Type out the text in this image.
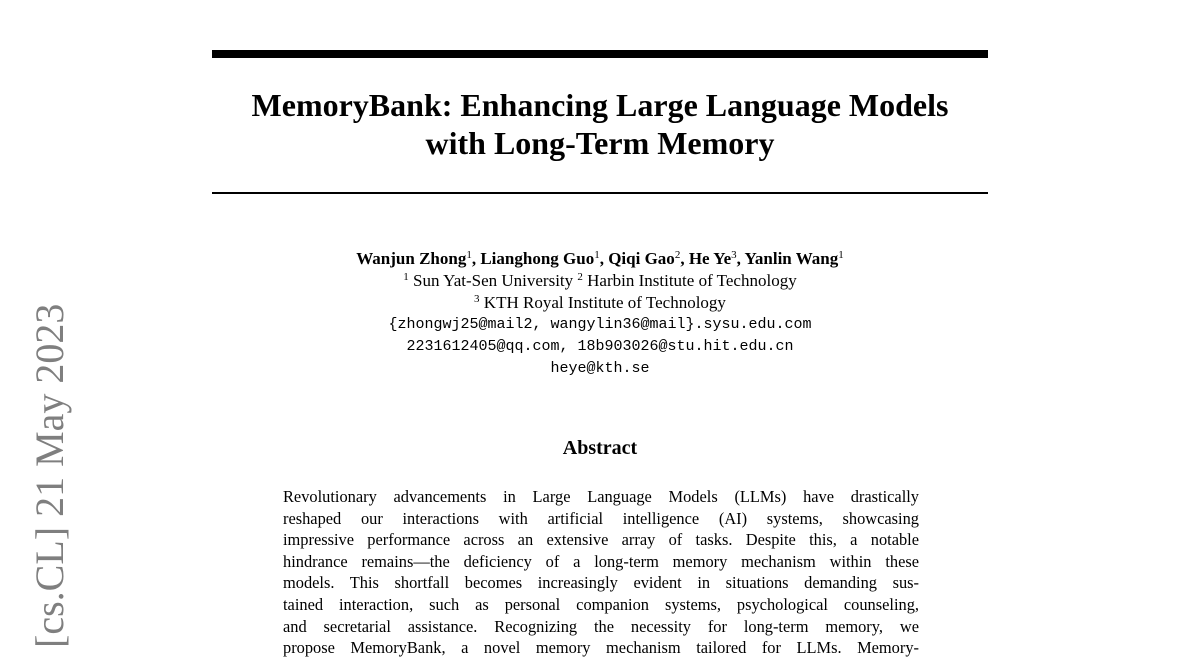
MemoryBank: Enhancing Large Language Models
with Long-Term Memory
Wanjun Zhong$^1$, Lianghong Guo$^1$, Qiqi Gao$^2$, He Ye$^3$, Yanlin Wang$^1$
$^1$ Sun Yat-Sen University $^2$ Harbin Institute of Technology
$^3$ KTH Royal Institute of Technology
{zhongwj25@mail2, wangylin36@mail}.sysu.edu.com
2231612405@qq.com, 18b903026@stu.hit.edu.cn
heye@kth.se
Abstract
Revolutionary advancements in Large Language Models (LLMs) have drastically
reshaped our interactions with artificial intelligence (AI) systems, showcasing
impressive performance across an extensive array of tasks. Despite this, a notable
hindrance remains—the deficiency of a long-term memory mechanism within these
models. This shortfall becomes increasingly evident in situations demanding sus-
tained interaction, such as personal companion systems, psychological counseling,
and secretarial assistance. Recognizing the necessity for long-term memory, we
propose MemoryBank, a novel memory mechanism tailored for LLMs. Memory-
[cs.CL] 21 May 2023
